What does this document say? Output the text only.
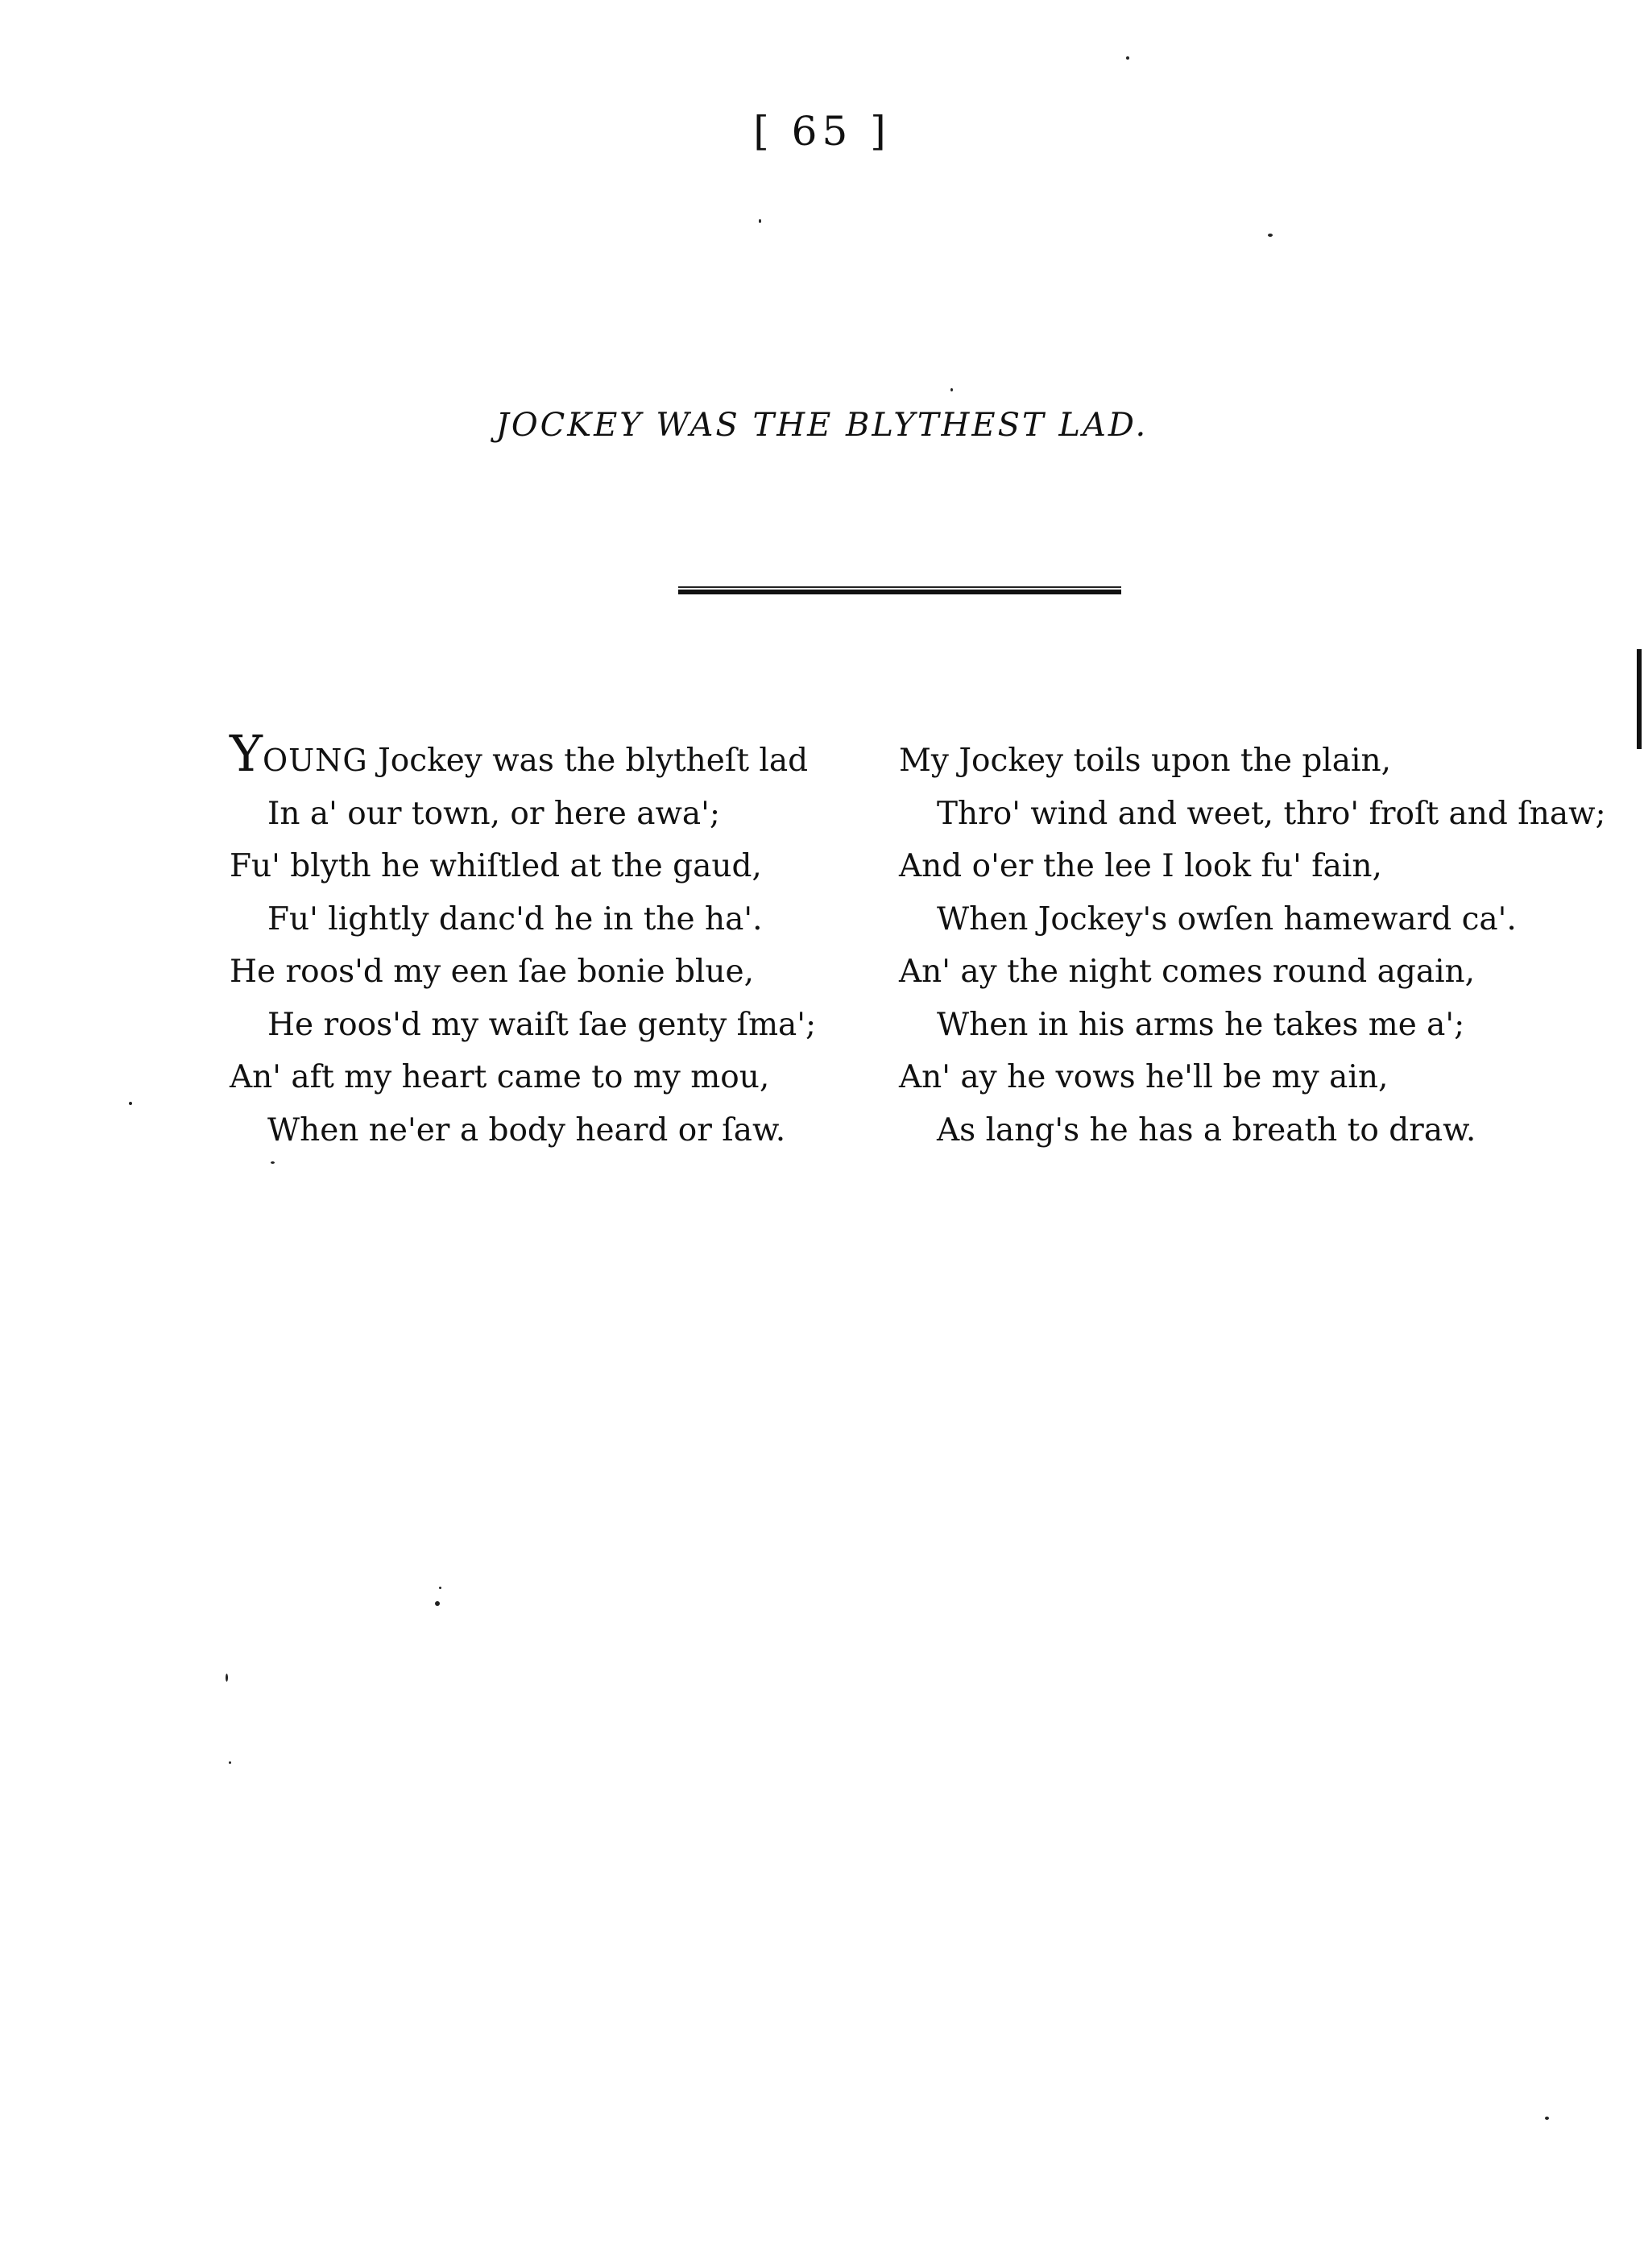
[ 65 ]
JOCKEY WAS THE BLYTHEST LAD.
YOUNG Jockey was the blytheſt lad
In a' our town, or here awa';
Fu' blyth he whiſtled at the gaud,
Fu' lightly danc'd he in the ha'.
He roos'd my een ſae bonie blue,
He roos'd my waiſt ſae genty ſma';
An' aft my heart came to my mou,
When ne'er a body heard or ſaw.
My Jockey toils upon the plain,
Thro' wind and weet, thro' froſt and ſnaw;
And o'er the lee I look fu' fain,
When Jockey's owſen hameward ca'.
An' ay the night comes round again,
When in his arms he takes me a';
An' ay he vows he'll be my ain,
As lang's he has a breath to draw.
